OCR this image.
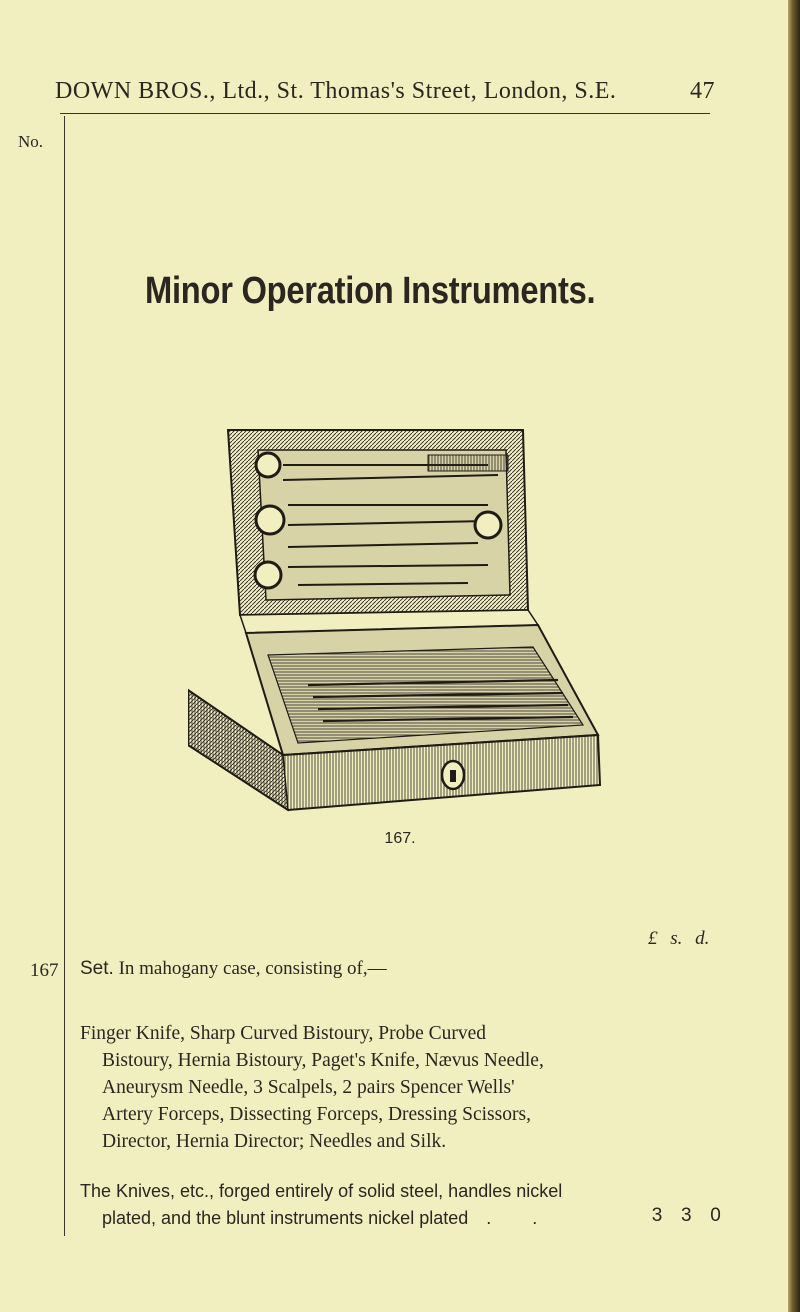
DOWN BROS., Ltd., St. Thomas's Street, London, S.E.	47
No.
Minor Operation Instruments.
167.
£ s. d.
167 Set. In mahogany case, consisting of,—
Finger Knife, Sharp Curved Bistoury, Probe Curved
Bistoury, Hernia Bistoury, Paget's Knife, Nævus Needle,
Aneurysm Needle, 3 Scalpels, 2 pairs Spencer Wells'
Artery Forceps, Dissecting Forceps, Dressing Scissors,
Director, Hernia Director; Needles and Silk.
The Knives, etc., forged entirely of solid steel, handles nickel
plated, and the blunt instruments nickel plated . .	3 3 0
